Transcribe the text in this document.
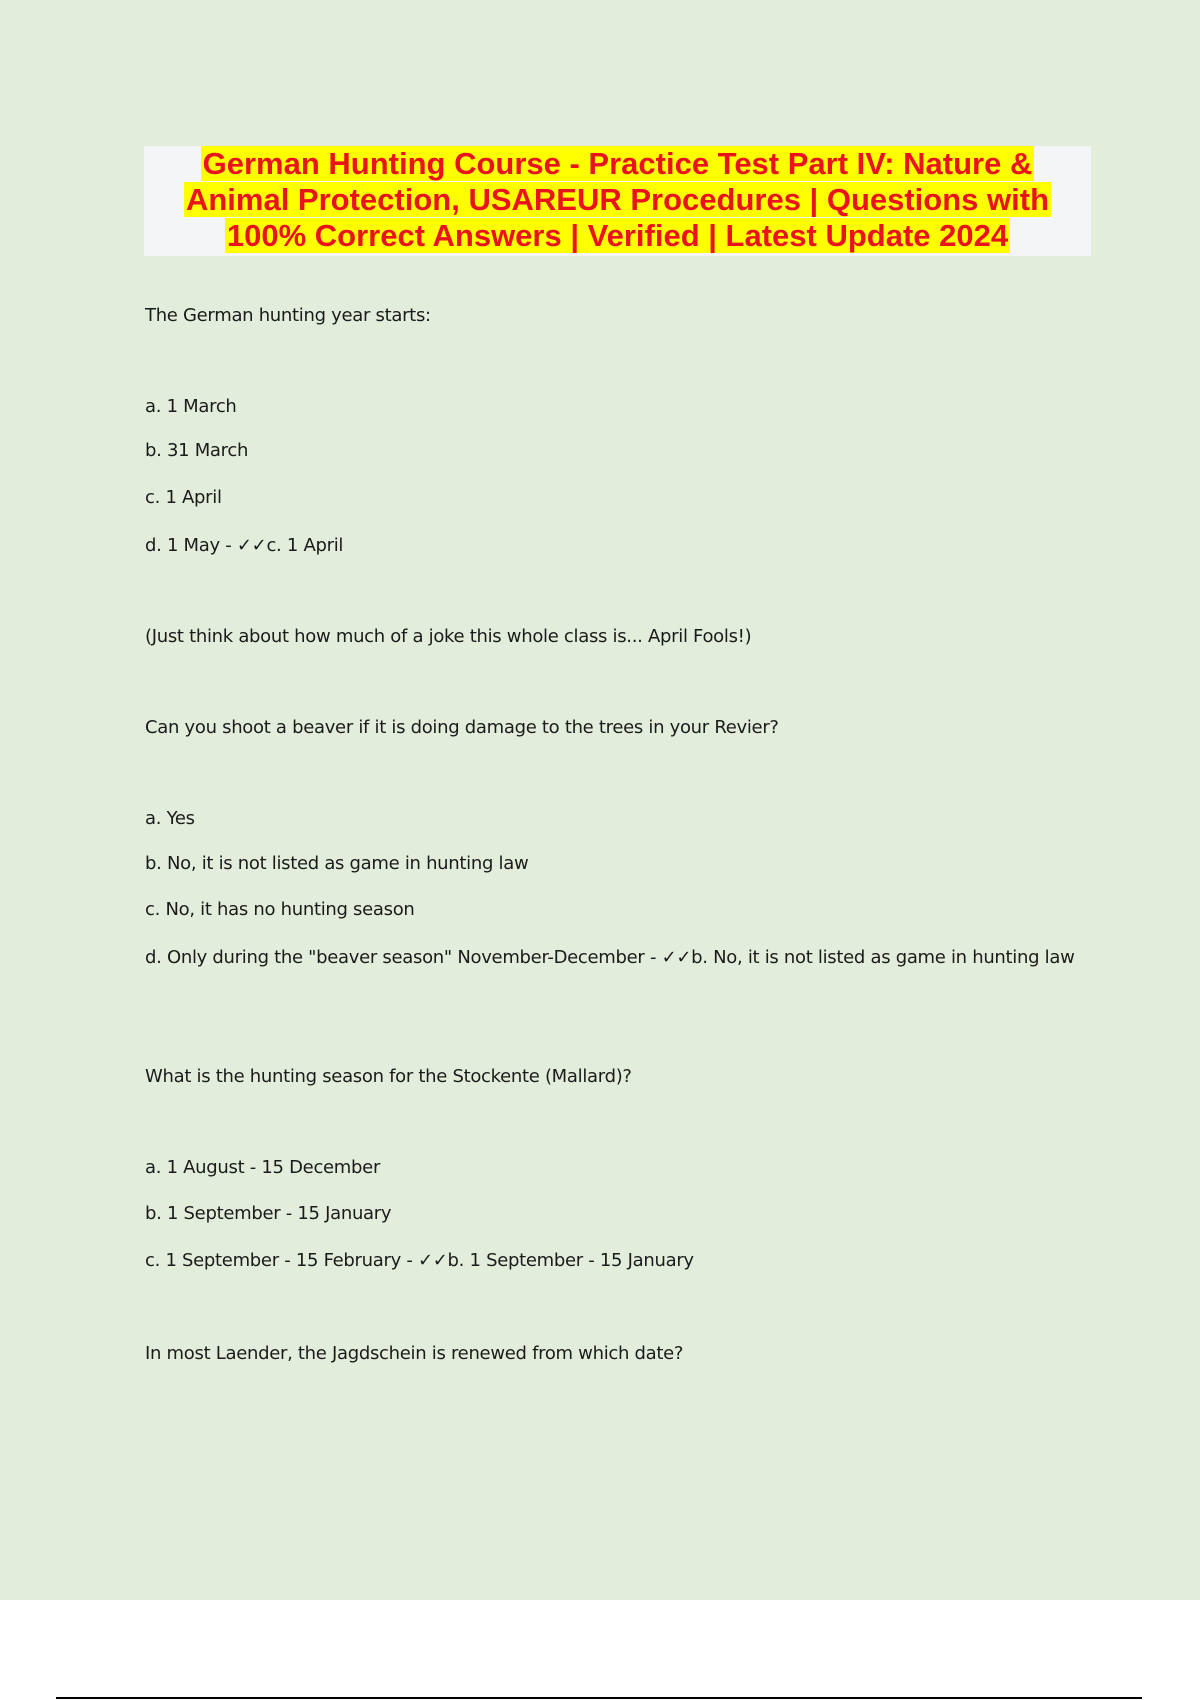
German Hunting Course - Practice Test Part IV: Nature &
Animal Protection, USAREUR Procedures | Questions with
100% Correct Answers | Verified | Latest Update 2024

The German hunting year starts:

a. 1 March

b. 31 March

c. 1 April

d. 1 May - ✓✓c. 1 April

(Just think about how much of a joke this whole class is... April Fools!)

Can you shoot a beaver if it is doing damage to the trees in your Revier?

a. Yes

b. No, it is not listed as game in hunting law

c. No, it has no hunting season

d. Only during the "beaver season" November-December - ✓✓b. No, it is not listed as game in hunting law

What is the hunting season for the Stockente (Mallard)?

a. 1 August - 15 December

b. 1 September - 15 January

c. 1 September - 15 February - ✓✓b. 1 September - 15 January

In most Laender, the Jagdschein is renewed from which date?
